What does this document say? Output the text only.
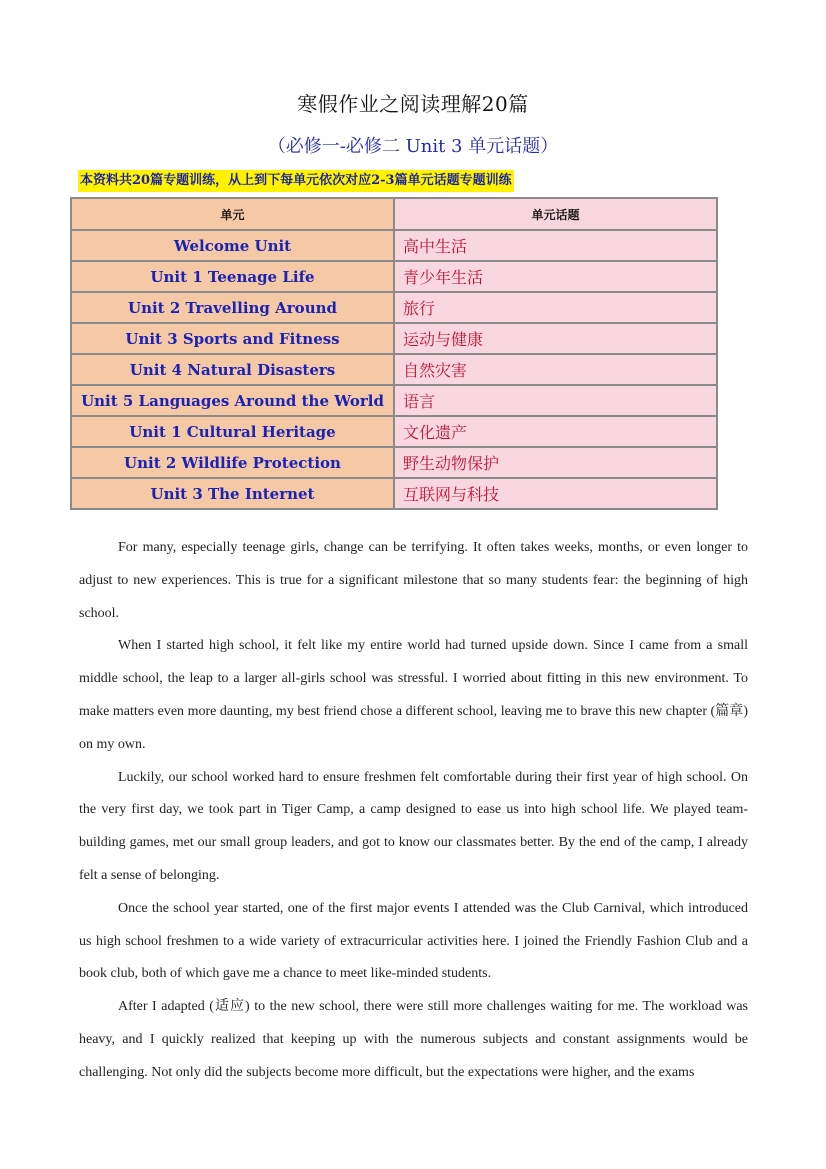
寒假作业之阅读理解20篇
（必修一-必修二 Unit 3 单元话题）
本资料共20篇专题训练，从上到下每单元依次对应2-3篇单元话题专题训练
单元	单元话题
Welcome Unit	高中生活
Unit 1 Teenage Life	青少年生活
Unit 2 Travelling Around	旅行
Unit 3 Sports and Fitness	运动与健康
Unit 4 Natural Disasters	自然灾害
Unit 5 Languages Around the World	语言
Unit 1 Cultural Heritage	文化遗产
Unit 2 Wildlife Protection	野生动物保护
Unit 3 The Internet	互联网与科技

For many, especially teenage girls, change can be terrifying. It often takes weeks, months, or even longer to adjust to new experiences. This is true for a significant milestone that so many students fear: the beginning of high school.

When I started high school, it felt like my entire world had turned upside down. Since I came from a small middle school, the leap to a larger all-girls school was stressful. I worried about fitting in this new environment. To make matters even more daunting, my best friend chose a different school, leaving me to brave this new chapter (篇章) on my own.

Luckily, our school worked hard to ensure freshmen felt comfortable during their first year of high school. On the very first day, we took part in Tiger Camp, a camp designed to ease us into high school life. We played team-building games, met our small group leaders, and got to know our classmates better. By the end of the camp, I already felt a sense of belonging.

Once the school year started, one of the first major events I attended was the Club Carnival, which introduced us high school freshmen to a wide variety of extracurricular activities here. I joined the Friendly Fashion Club and a book club, both of which gave me a chance to meet like-minded students.

After I adapted (适应) to the new school, there were still more challenges waiting for me. The workload was heavy, and I quickly realized that keeping up with the numerous subjects and constant assignments would be challenging. Not only did the subjects become more difficult, but the expectations were higher, and the exams
